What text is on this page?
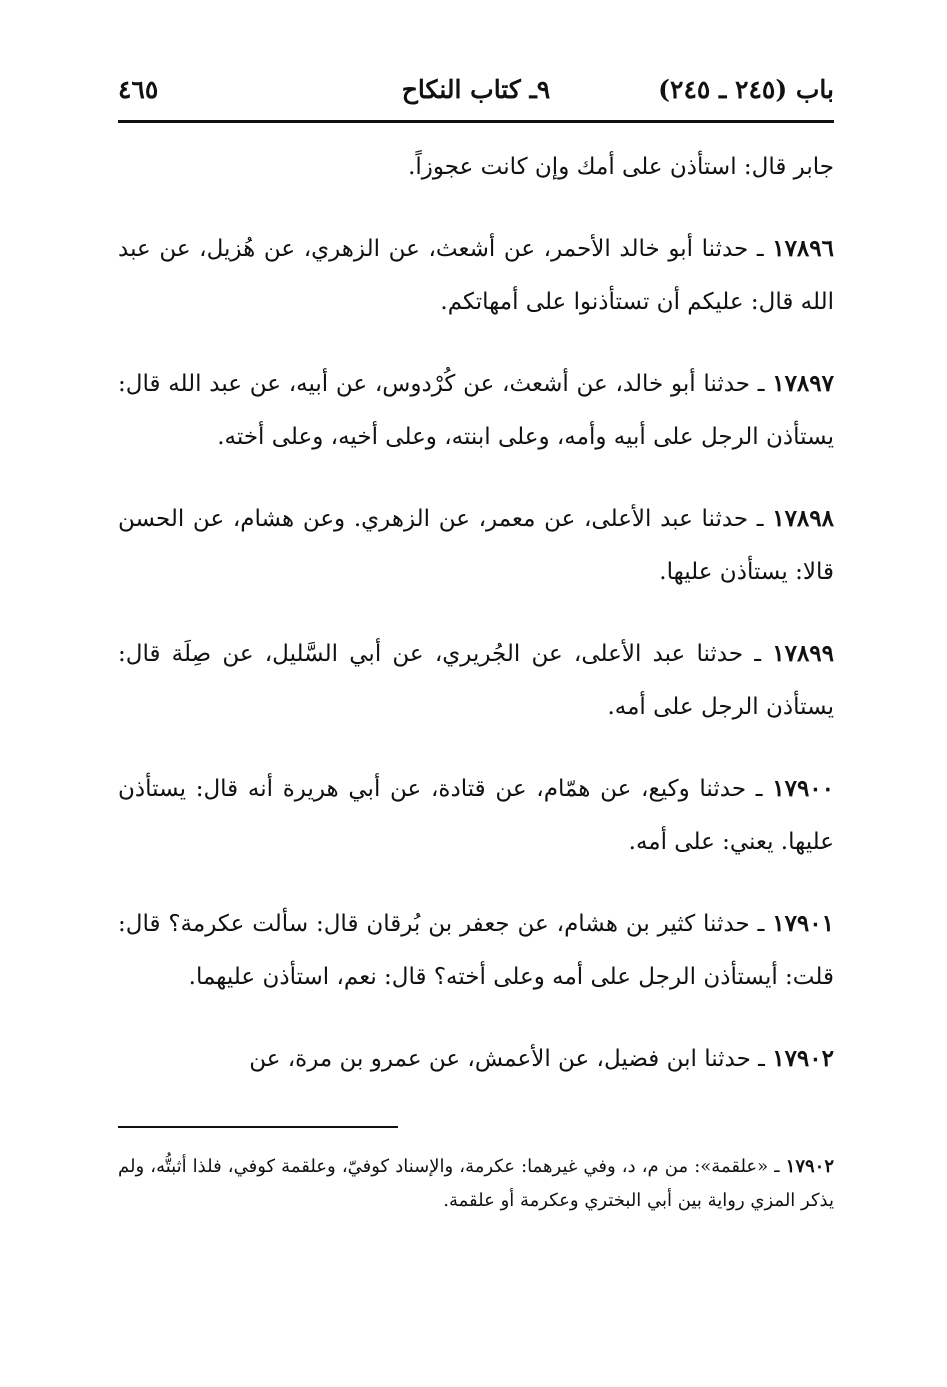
باب (٢٤٥ ـ ٢٤٥)
٩ـ كتاب النكاح
٤٦٥

جابر قال: استأذن على أمك وإن كانت عجوزاً.

١٧٨٩٦ ـ حدثنا أبو خالد الأحمر، عن أشعث، عن الزهري، عن هُزيل، عن عبد الله قال: عليكم أن تستأذنوا على أمهاتكم.

١٧٨٩٧ ـ حدثنا أبو خالد، عن أشعث، عن كُرْدوس، عن أبيه، عن عبد الله قال: يستأذن الرجل على أبيه وأمه، وعلى ابنته، وعلى أخيه، وعلى أخته.

١٧٨٩٨ ـ حدثنا عبد الأعلى، عن معمر، عن الزهري. وعن هشام، عن الحسن قالا: يستأذن عليها.

١٧٨٩٩ ـ حدثنا عبد الأعلى، عن الجُريري، عن أبي السَّليل، عن صِلَة قال: يستأذن الرجل على أمه.

١٧٩٠٠ ـ حدثنا وكيع، عن همّام، عن قتادة، عن أبي هريرة أنه قال: يستأذن عليها. يعني: على أمه.

١٧٩٠١ ـ حدثنا كثير بن هشام، عن جعفر بن بُرقان قال: سألت عكرمة؟ قال: قلت: أيستأذن الرجل على أمه وعلى أخته؟ قال: نعم، استأذن عليهما.

١٧٩٠٢ ـ حدثنا ابن فضيل، عن الأعمش، عن عمرو بن مرة، عن

١٧٩٠٢ ـ «علقمة»: من م، د، وفي غيرهما: عكرمة، والإسناد كوفيّ، وعلقمة كوفي، فلذا أثبتُّه، ولم يذكر المزي رواية بين أبي البختري وعكرمة أو علقمة.
